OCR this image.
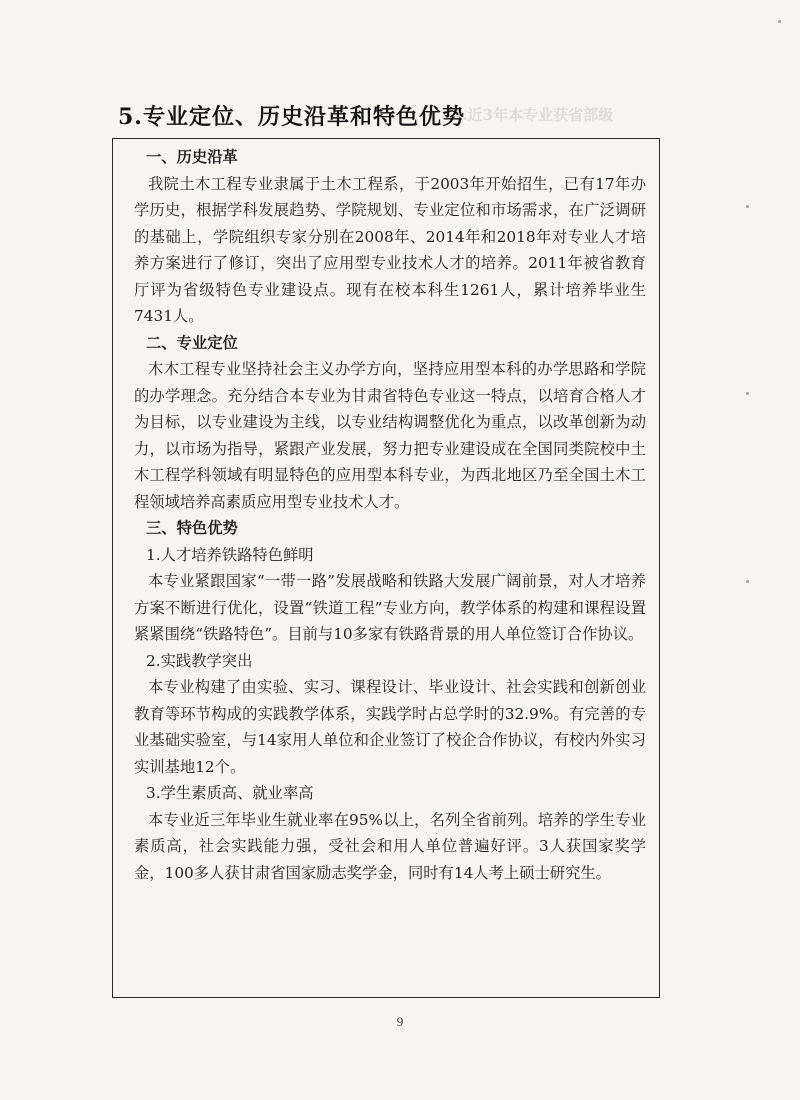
4.近3年本专业获省部级
5.专业定位、历史沿革和特色优势

一、历史沿革

我院土木工程专业隶属于土木工程系，于2003年开始招生，已有17年办学历史，根据学科发展趋势、学院规划、专业定位和市场需求，在广泛调研的基础上，学院组织专家分别在2008年、2014年和2018年对专业人才培养方案进行了修订，突出了应用型专业技术人才的培养。2011年被省教育厅评为省级特色专业建设点。现有在校本科生1261人，累计培养毕业生7431人。

二、专业定位

木木工程专业坚持社会主义办学方向，坚持应用型本科的办学思路和学院的办学理念。充分结合本专业为甘肃省特色专业这一特点，以培育合格人才为目标，以专业建设为主线，以专业结构调整优化为重点，以改革创新为动力，以市场为指导，紧跟产业发展，努力把专业建设成在全国同类院校中土木工程学科领域有明显特色的应用型本科专业，为西北地区乃至全国土木工程领域培养高素质应用型专业技术人才。

三、特色优势

1.人才培养铁路特色鲜明

本专业紧跟国家“一带一路”发展战略和铁路大发展广阔前景，对人才培养方案不断进行优化，设置“铁道工程”专业方向，教学体系的构建和课程设置紧紧围绕“铁路特色”。目前与10多家有铁路背景的用人单位签订合作协议。

2.实践教学突出

本专业构建了由实验、实习、课程设计、毕业设计、社会实践和创新创业教育等环节构成的实践教学体系，实践学时占总学时的32.9%。有完善的专业基础实验室，与14家用人单位和企业签订了校企合作协议，有校内外实习实训基地12个。

3.学生素质高、就业率高

本专业近三年毕业生就业率在95%以上，名列全省前列。培养的学生专业素质高，社会实践能力强，受社会和用人单位普遍好评。3人获国家奖学金，100多人获甘肃省国家励志奖学金，同时有14人考上硕士研究生。

9
